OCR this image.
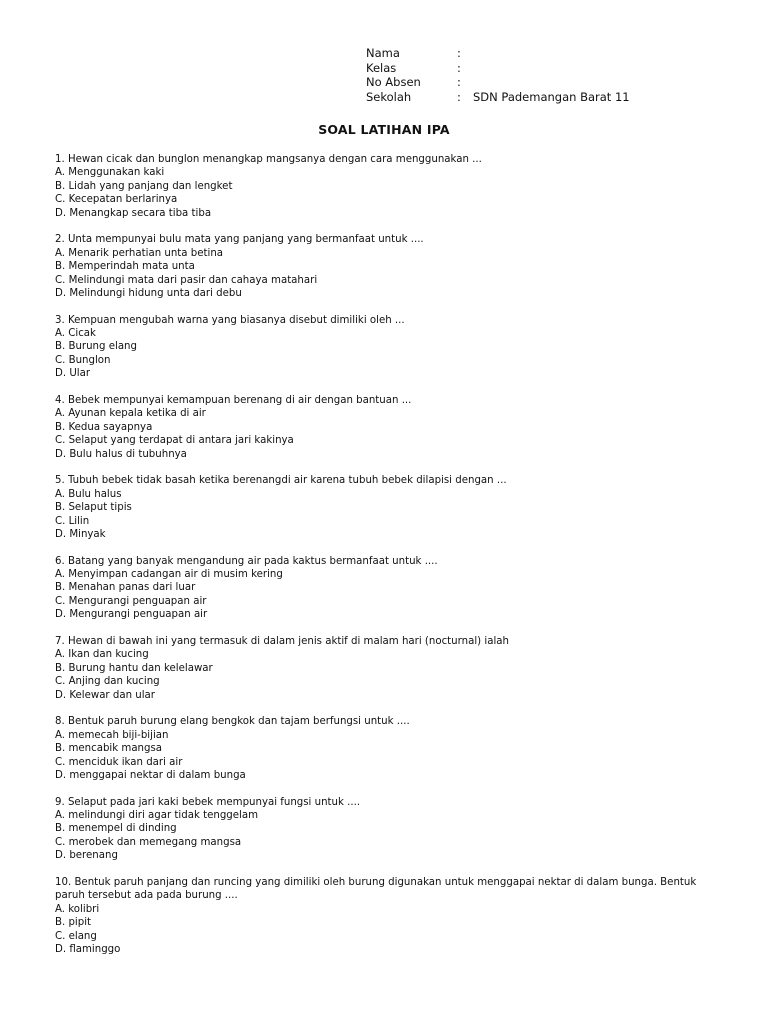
Nama	:
Kelas	:
No Absen	:
Sekolah	:	SDN Pademangan Barat 11
SOAL LATIHAN IPA
1. Hewan cicak dan bunglon menangkap mangsanya dengan cara menggunakan ...
A. Menggunakan kaki
B. Lidah yang panjang dan lengket
C. Kecepatan berlarinya
D. Menangkap secara tiba tiba
2. Unta mempunyai bulu mata yang panjang yang bermanfaat untuk ....
A. Menarik perhatian unta betina
B. Memperindah mata unta
C. Melindungi mata dari pasir dan cahaya matahari
D. Melindungi hidung unta dari debu
3. Kempuan mengubah warna yang biasanya disebut dimiliki oleh ...
A. Cicak
B. Burung elang
C. Bunglon
D. Ular
4. Bebek mempunyai kemampuan berenang di air dengan bantuan ...
A. Ayunan kepala ketika di air
B. Kedua sayapnya
C. Selaput yang terdapat di antara jari kakinya
D. Bulu halus di tubuhnya
5. Tubuh bebek tidak basah ketika berenangdi air karena tubuh bebek dilapisi dengan ...
A. Bulu halus
B. Selaput tipis
C. Lilin
D. Minyak
6. Batang yang banyak mengandung air pada kaktus bermanfaat untuk ....
A. Menyimpan cadangan air di musim kering
B. Menahan panas dari luar
C. Mengurangi penguapan air
D. Mengurangi penguapan air
7. Hewan di bawah ini yang termasuk di dalam jenis aktif di malam hari (nocturnal) ialah
A. Ikan dan kucing
B. Burung hantu dan kelelawar
C. Anjing dan kucing
D. Kelewar dan ular
8. Bentuk paruh burung elang bengkok dan tajam berfungsi untuk ....
A. memecah biji-bijian
B. mencabik mangsa
C. menciduk ikan dari air
D. menggapai nektar di dalam bunga
9. Selaput pada jari kaki bebek mempunyai fungsi untuk ....
A. melindungi diri agar tidak tenggelam
B. menempel di dinding
C. merobek dan memegang mangsa
D. berenang
10. Bentuk paruh panjang dan runcing yang dimiliki oleh burung digunakan untuk menggapai nektar di dalam bunga. Bentuk paruh tersebut ada pada burung ....
A. kolibri
B. pipit
C. elang
D. flaminggo
